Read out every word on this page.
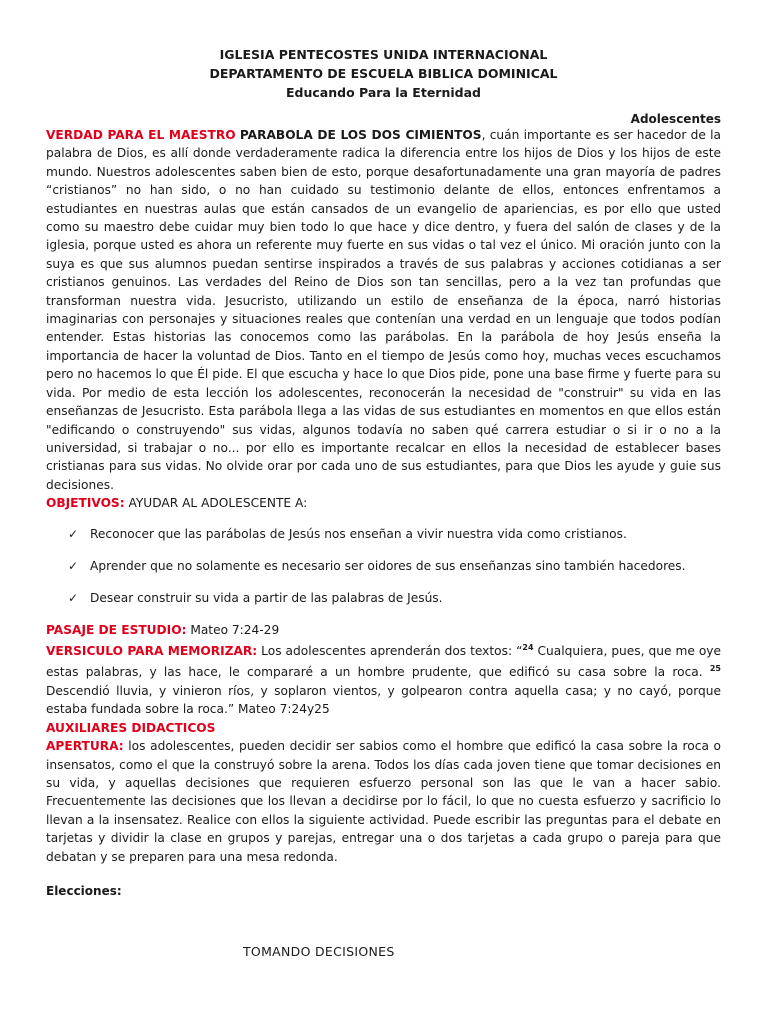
IGLESIA PENTECOSTES UNIDA INTERNACIONAL
DEPARTAMENTO DE ESCUELA BIBLICA DOMINICAL
Educando Para la Eternidad
Adolescentes

VERDAD PARA EL MAESTRO PARABOLA DE LOS DOS CIMIENTOS, cuán importante es ser hacedor de la palabra de Dios, es allí donde verdaderamente radica la diferencia entre los hijos de Dios y los hijos de este mundo. Nuestros adolescentes saben bien de esto, porque desafortunadamente una gran mayoría de padres “cristianos” no han sido, o no han cuidado su testimonio delante de ellos, entonces enfrentamos a estudiantes en nuestras aulas que están cansados de un evangelio de apariencias, es por ello que usted como su maestro debe cuidar muy bien todo lo que hace y dice dentro, y fuera del salón de clases y de la iglesia, porque usted es ahora un referente muy fuerte en sus vidas o tal vez el único. Mi oración junto con la suya es que sus alumnos puedan sentirse inspirados a través de sus palabras y acciones cotidianas a ser cristianos genuinos. Las verdades del Reino de Dios son tan sencillas, pero a la vez tan profundas que transforman nuestra vida. Jesucristo, utilizando un estilo de enseñanza de la época, narró historias imaginarias con personajes y situaciones reales que contenían una verdad en un lenguaje que todos podían entender. Estas historias las conocemos como las parábolas. En la parábola de hoy Jesús enseña la importancia de hacer la voluntad de Dios. Tanto en el tiempo de Jesús como hoy, muchas veces escuchamos pero no hacemos lo que Él pide. El que escucha y hace lo que Dios pide, pone una base firme y fuerte para su vida. Por medio de esta lección los adolescentes, reconocerán la necesidad de "construir" su vida en las enseñanzas de Jesucristo. Esta parábola llega a las vidas de sus estudiantes en momentos en que ellos están "edificando o construyendo" sus vidas, algunos todavía no saben qué carrera estudiar o si ir o no a la universidad, si trabajar o no... por ello es importante recalcar en ellos la necesidad de establecer bases cristianas para sus vidas. No olvide orar por cada uno de sus estudiantes, para que Dios les ayude y guie sus decisiones.

OBJETIVOS: AYUDAR AL ADOLESCENTE A:

✓ Reconocer que las parábolas de Jesús nos enseñan a vivir nuestra vida como cristianos.
✓ Aprender que no solamente es necesario ser oidores de sus enseñanzas sino también hacedores.
✓ Desear construir su vida a partir de las palabras de Jesús.

PASAJE DE ESTUDIO: Mateo 7:24-29

VERSICULO PARA MEMORIZAR: Los adolescentes aprenderán dos textos: “$^{24}$ Cualquiera, pues, que me oye estas palabras, y las hace, le compararé a un hombre prudente, que edificó su casa sobre la roca. $^{25}$ Descendió lluvia, y vinieron ríos, y soplaron vientos, y golpearon contra aquella casa; y no cayó, porque estaba fundada sobre la roca.” Mateo 7:24y25

AUXILIARES DIDACTICOS

APERTURA: los adolescentes, pueden decidir ser sabios como el hombre que edificó la casa sobre la roca o insensatos, como el que la construyó sobre la arena. Todos los días cada joven tiene que tomar decisiones en su vida, y aquellas decisiones que requieren esfuerzo personal son las que le van a hacer sabio. Frecuentemente las decisiones que los llevan a decidirse por lo fácil, lo que no cuesta esfuerzo y sacrificio lo llevan a la insensatez. Realice con ellos la siguiente actividad. Puede escribir las preguntas para el debate en tarjetas y dividir la clase en grupos y parejas, entregar una o dos tarjetas a cada grupo o pareja para que debatan y se preparen para una mesa redonda.

Elecciones:
TOMANDO DECISIONES
